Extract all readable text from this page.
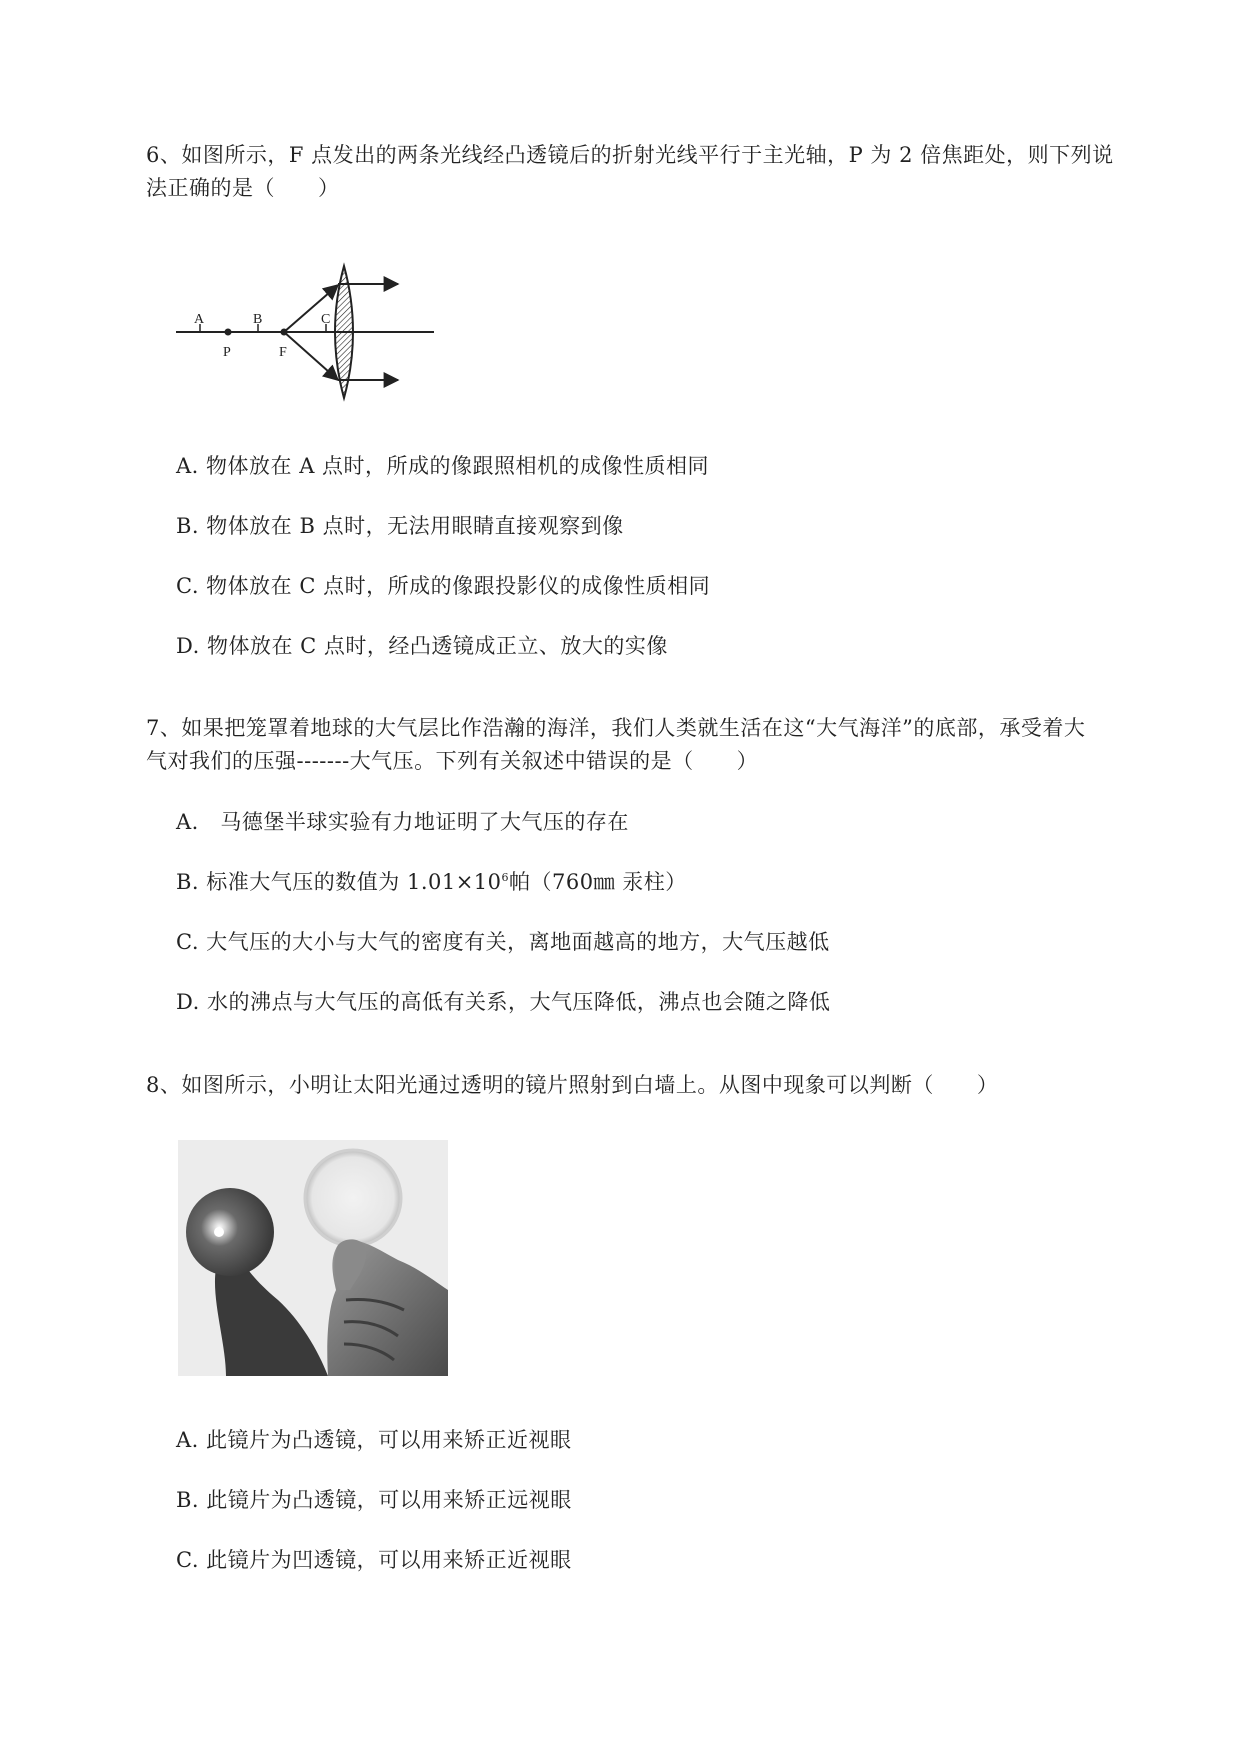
6、如图所示，F 点发出的两条光线经凸透镜后的折射光线平行于主光轴，P 为 2 倍焦距处，则下列说
法正确的是（　　）
A	B	C
P	F
A. 物体放在 A 点时，所成的像跟照相机的成像性质相同
B. 物体放在 B 点时，无法用眼睛直接观察到像
C. 物体放在 C 点时，所成的像跟投影仪的成像性质相同
D. 物体放在 C 点时，经凸透镜成正立、放大的实像
7、如果把笼罩着地球的大气层比作浩瀚的海洋，我们人类就生活在这“大气海洋”的底部，承受着大
气对我们的压强-------大气压。下列有关叙述中错误的是（　　）
A.　马德堡半球实验有力地证明了大气压的存在
B. 标准大气压的数值为 $1.01\times 10^6$帕（760㎜ 汞柱）
C. 大气压的大小与大气的密度有关，离地面越高的地方，大气压越低
D. 水的沸点与大气压的高低有关系，大气压降低，沸点也会随之降低
8、如图所示，小明让太阳光通过透明的镜片照射到白墙上。从图中现象可以判断（　　）
A. 此镜片为凸透镜，可以用来矫正近视眼
B. 此镜片为凸透镜，可以用来矫正远视眼
C. 此镜片为凹透镜，可以用来矫正近视眼
